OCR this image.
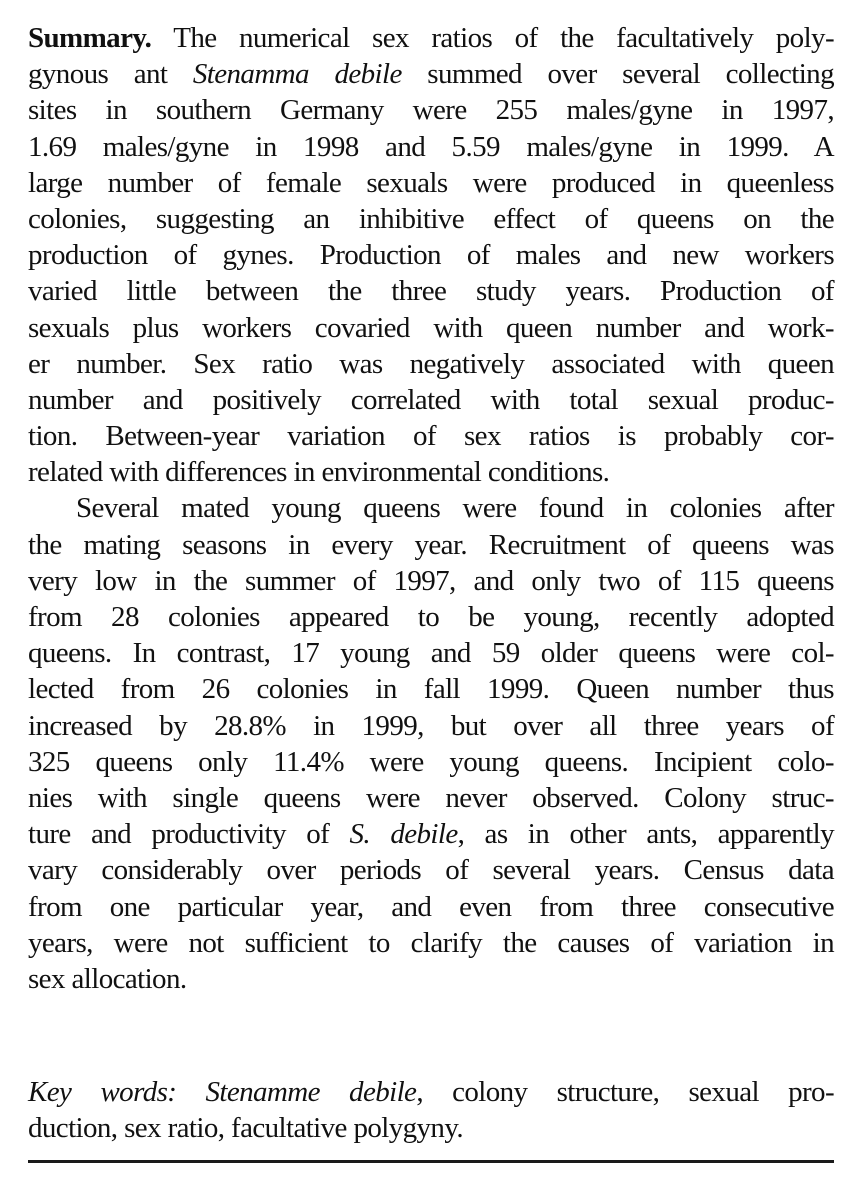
Summary. The numerical sex ratios of the facultatively poly-
gynous ant Stenamma debile summed over several collecting
sites in southern Germany were 255 males/gyne in 1997,
1.69 males/gyne in 1998 and 5.59 males/gyne in 1999. A
large number of female sexuals were produced in queenless
colonies, suggesting an inhibitive effect of queens on the
production of gynes. Production of males and new workers
varied little between the three study years. Production of
sexuals plus workers covaried with queen number and work-
er number. Sex ratio was negatively associated with queen
number and positively correlated with total sexual produc-
tion. Between-year variation of sex ratios is probably cor-
related with differences in environmental conditions.
Several mated young queens were found in colonies after
the mating seasons in every year. Recruitment of queens was
very low in the summer of 1997, and only two of 115 queens
from 28 colonies appeared to be young, recently adopted
queens. In contrast, 17 young and 59 older queens were col-
lected from 26 colonies in fall 1999. Queen number thus
increased by 28.8% in 1999, but over all three years of
325 queens only 11.4% were young queens. Incipient colo-
nies with single queens were never observed. Colony struc-
ture and productivity of S. debile, as in other ants, apparently
vary considerably over periods of several years. Census data
from one particular year, and even from three consecutive
years, were not sufficient to clarify the causes of variation in
sex allocation.
Key words: Stenamme debile, colony structure, sexual pro-
duction, sex ratio, facultative polygyny.
